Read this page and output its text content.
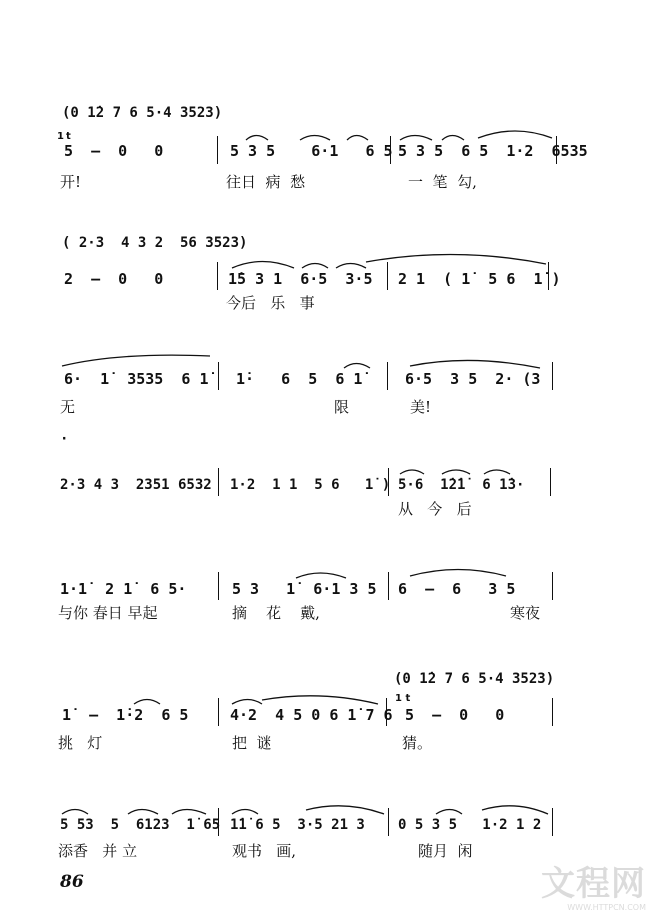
(0 1̇2 7 6 5·4 3523)
1 t
5  —  0   0	5 3 5    6·1   6 5 5 3 5  6 5  1·2  6535
开!	往日  病  愁	一  笔  勾,
( 2·3  4 3 2  56 3523)
2  —  0   0	1̇5 3 1  6·5  3·5 2 1  ( 1̇  5 6  1̇ )
今后   乐   事
6·  1̇  3535  6 1̇ 1̇·   6  5  6 1̇	6·5  3 5  2· (3
无	限	美!
·
2·3 4 3  2351 6532 1·2  1 1  5 6   1̇ ) 5·6  1̇2̇1̇  6 1̇3·
从   今   后
1·1̇  2 1̇  6 5·	5 3   1̇  6·1 3 5 6  —  6   3 5
与你 春日 早起	摘    花    戴,	寒夜
(0 1̇2 7 6 5·4 3523)
1̇  —  1̇·2  6 5	4·2  4 5 0 6 1̇ 7 6
1 t
5  —  0   0
挑   灯	把  谜	猜。
5 53  5  6123  1̇ 65 1̇1̇ 6 5  3·5 21 3 0 5 3 5   1·2 1 2
添香   并 立	观书   画,	随月  闲
86	文程网
WWW.HTTPCN.COM
